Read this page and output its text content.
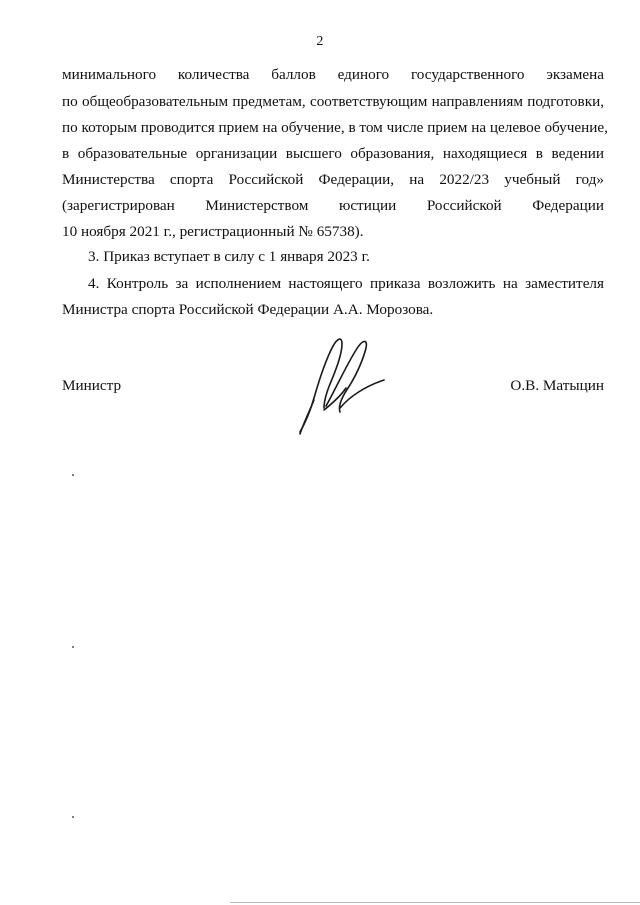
2
минимального количества баллов единого государственного экзамена
по общеобразовательным предметам, соответствующим направлениям подготовки,
по которым проводится прием на обучение, в том числе прием на целевое обучение,
в образовательные организации высшего образования, находящиеся в ведении
Министерства спорта Российской Федерации, на 2022/23 учебный год»
(зарегистрирован Министерством юстиции Российской Федерации
10 ноября 2021 г., регистрационный № 65738).
3. Приказ вступает в силу с 1 января 2023 г.
4. Контроль за исполнением настоящего приказа возложить на заместителя
Министра спорта Российской Федерации А.А. Морозова.
Министр	О.В. Матыцин
